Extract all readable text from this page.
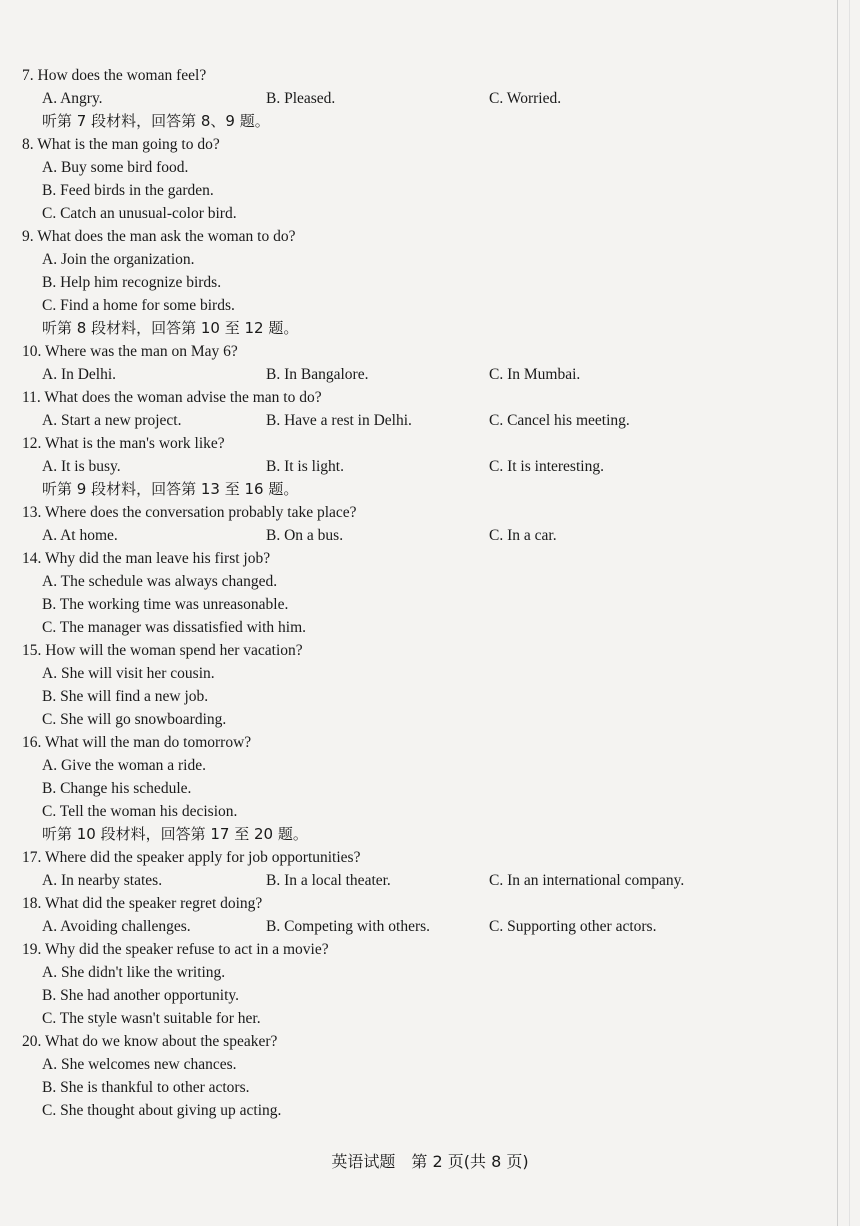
7. How does the woman feel?
A. Angry.	B. Pleased.	C. Worried.
听第 7 段材料，回答第 8、9 题。
8. What is the man going to do?
A. Buy some bird food.
B. Feed birds in the garden.
C. Catch an unusual-color bird.
9. What does the man ask the woman to do?
A. Join the organization.
B. Help him recognize birds.
C. Find a home for some birds.
听第 8 段材料，回答第 10 至 12 题。
10. Where was the man on May 6?
A. In Delhi.	B. In Bangalore.	C. In Mumbai.
11. What does the woman advise the man to do?
A. Start a new project.	B. Have a rest in Delhi.	C. Cancel his meeting.
12. What is the man's work like?
A. It is busy.	B. It is light.	C. It is interesting.
听第 9 段材料，回答第 13 至 16 题。
13. Where does the conversation probably take place?
A. At home.	B. On a bus.	C. In a car.
14. Why did the man leave his first job?
A. The schedule was always changed.
B. The working time was unreasonable.
C. The manager was dissatisfied with him.
15. How will the woman spend her vacation?
A. She will visit her cousin.
B. She will find a new job.
C. She will go snowboarding.
16. What will the man do tomorrow?
A. Give the woman a ride.
B. Change his schedule.
C. Tell the woman his decision.
听第 10 段材料，回答第 17 至 20 题。
17. Where did the speaker apply for job opportunities?
A. In nearby states.	B. In a local theater.	C. In an international company.
18. What did the speaker regret doing?
A. Avoiding challenges.	B. Competing with others.	C. Supporting other actors.
19. Why did the speaker refuse to act in a movie?
A. She didn't like the writing.
B. She had another opportunity.
C. The style wasn't suitable for her.
20. What do we know about the speaker?
A. She welcomes new chances.
B. She is thankful to other actors.
C. She thought about giving up acting.
英语试题　第 2 页(共 8 页)
